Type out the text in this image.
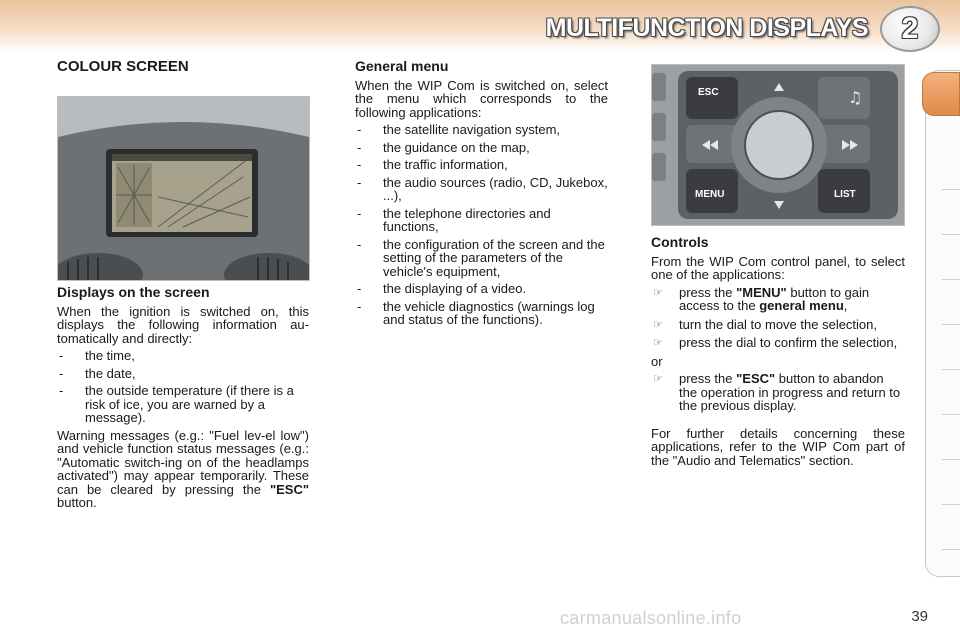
MULTIFUNCTION DISPLAYS	2
COLOUR SCREEN
Displays on the screen

When the ignition is switched on, this displays the following information au-tomatically and directly:

- the time,
- the date,
- the outside temperature (if there is a risk of ice, you are warned by a message).

Warning messages (e.g.: "Fuel lev-el low") and vehicle function status messages (e.g.: "Automatic switch-ing on of the headlamps activated") may appear temporarily. These can be cleared by pressing the "ESC" button.

General menu

When the WIP Com is switched on, select the menu which corresponds to the following applications:

- the satellite navigation system,
- the guidance on the map,
- the traffic information,
- the audio sources (radio, CD, Jukebox, ...),
- the telephone directories and functions,
- the configuration of the screen and the setting of the parameters of the vehicle's equipment,
- the displaying of a video.
- the vehicle diagnostics (warnings log and status of the functions).
♫
ESC
MENU	LIST
Controls

From the WIP Com control panel, to select one of the applications:

☞ press the "MENU" button to gain access to the general menu,
☞ turn the dial to move the selection,
☞ press the dial to confirm the selection,

or

☞ press the "ESC" button to abandon the operation in progress and return to the previous display.

For further details concerning these applications, refer to the WIP Com part of the "Audio and Telematics" section.

carmanualsonline.info	39
